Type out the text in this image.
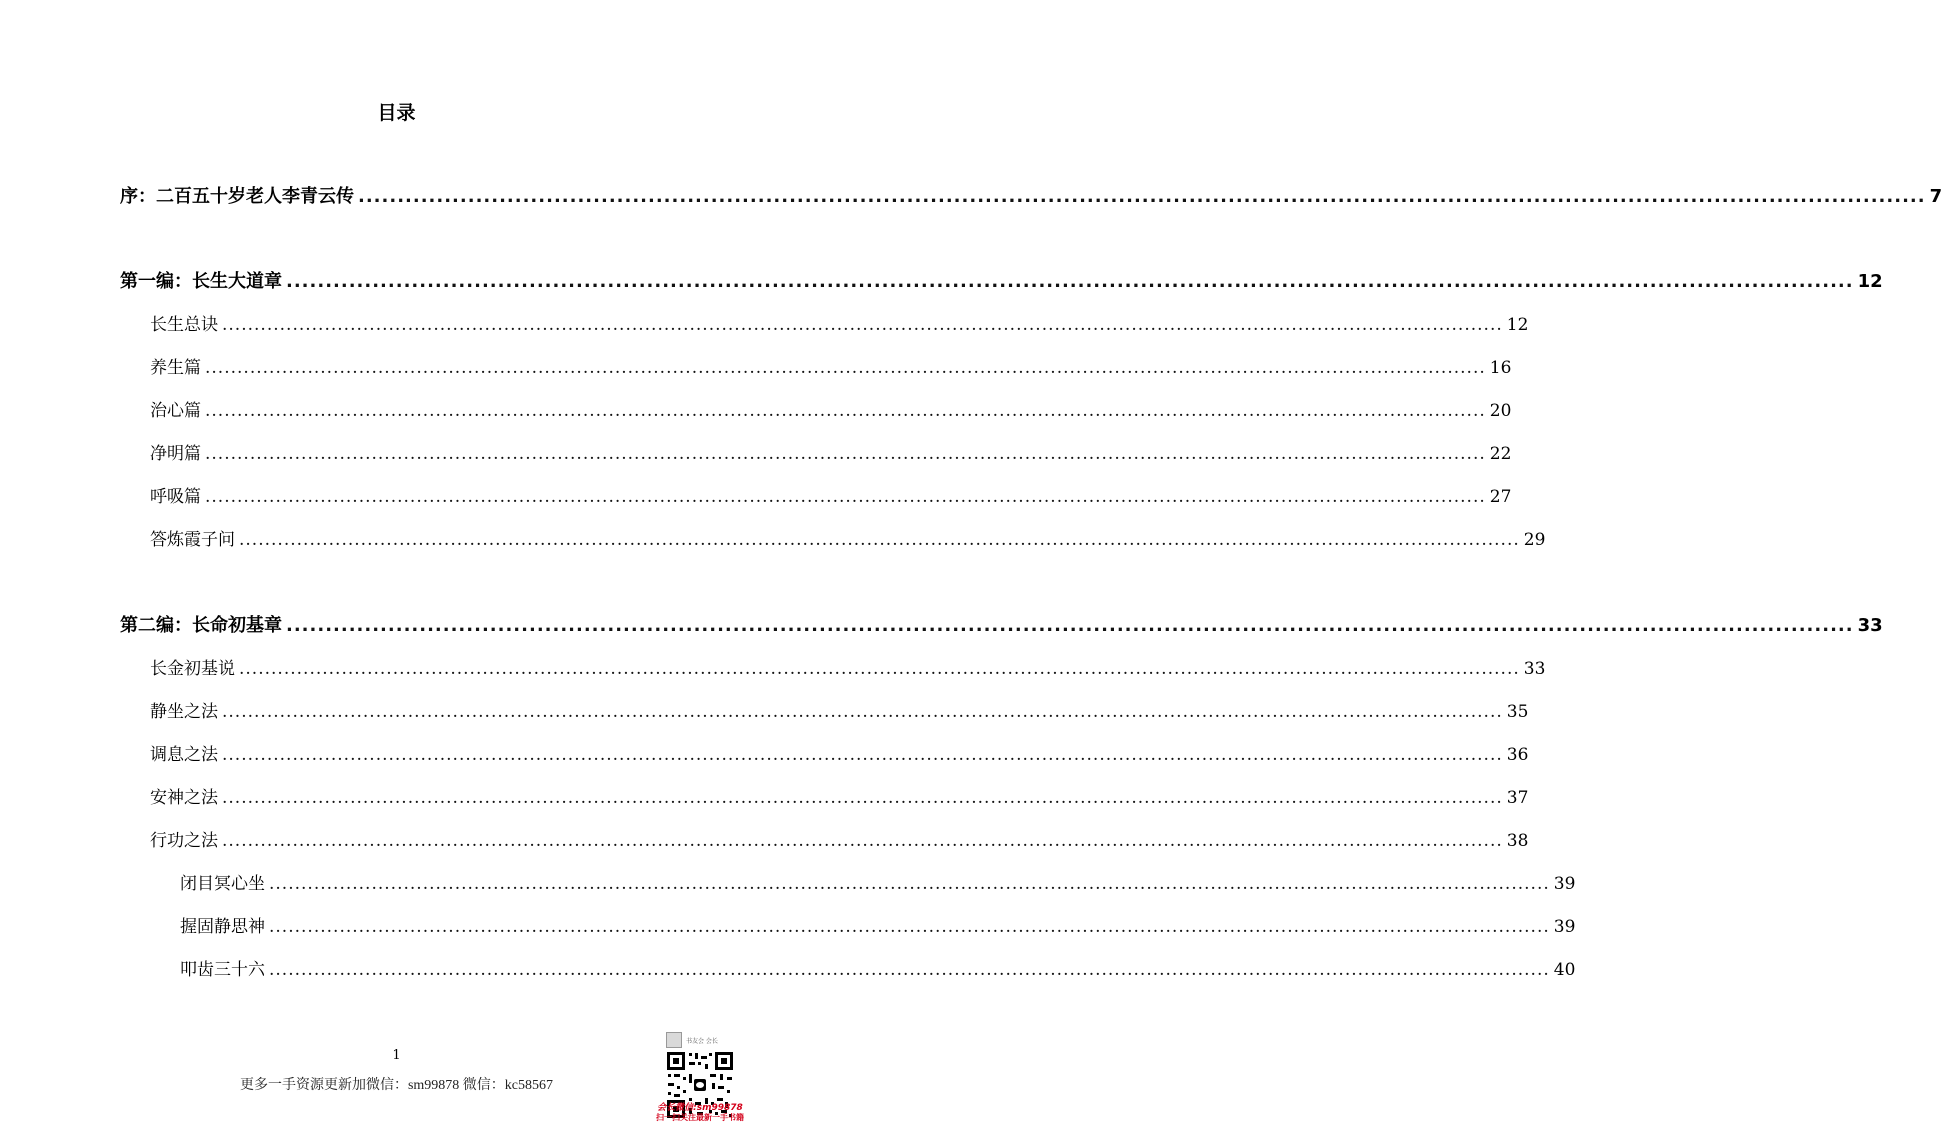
目录
序：二百五十岁老人李青云传 ........................................................................................................................................................................................................ 7
第一编：长生大道章 ........................................................................................................................................................................................................ 12
长生总诀 ........................................................................................................................................................................................................ 12
养生篇 ........................................................................................................................................................................................................ 16
治心篇 ........................................................................................................................................................................................................ 20
净明篇 ........................................................................................................................................................................................................ 22
呼吸篇 ........................................................................................................................................................................................................ 27
答炼霞子问 ........................................................................................................................................................................................................ 29
第二编：长命初基章 ........................................................................................................................................................................................................ 33
长金初基说 ........................................................................................................................................................................................................ 33
静坐之法 ........................................................................................................................................................................................................ 35
调息之法 ........................................................................................................................................................................................................ 36
安神之法 ........................................................................................................................................................................................................ 37
行功之法 ........................................................................................................................................................................................................ 38
闭目冥心坐 ........................................................................................................................................................................................................ 39
握固静思神 ........................................................................................................................................................................................................ 39
叩齿三十六 ........................................................................................................................................................................................................ 40
1
更多一手资源更新加微信：sm99878 微信：kc58567
书友会 会长
会长微信:sm99878
扫一扫关注最新一手书籍
